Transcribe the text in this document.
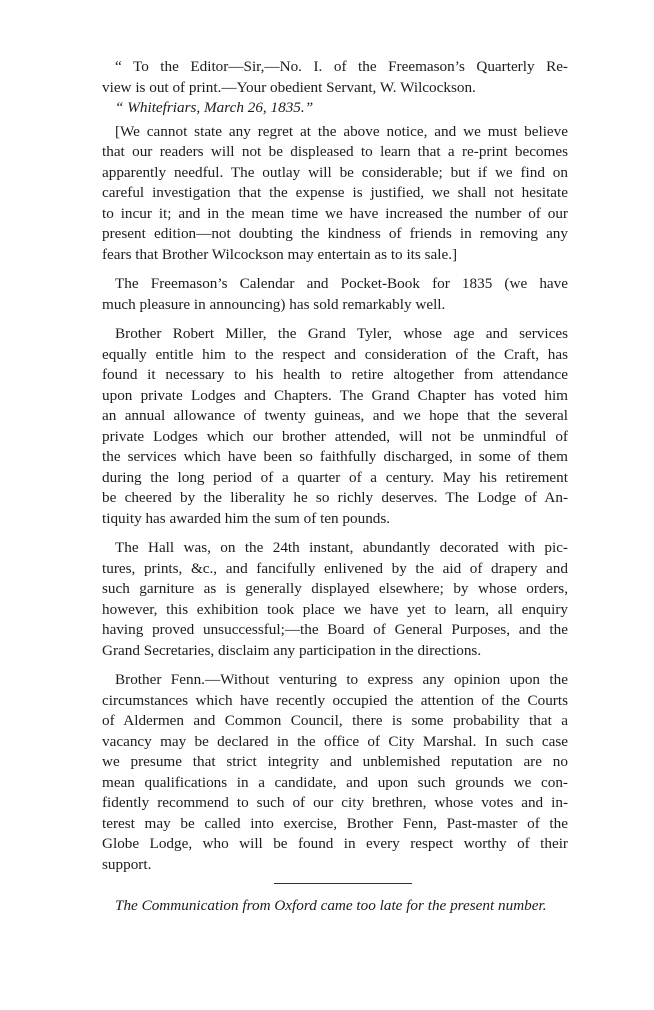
“ To the Editor—Sir,—No. I. of the Freemason’s Quarterly Re-
view is out of print.—Your obedient Servant, W. Wilcockson.
“ Whitefriars, March 26, 1835.”
[We cannot state any regret at the above notice, and we must believe
that our readers will not be displeased to learn that a re-print becomes
apparently needful. The outlay will be considerable; but if we find on
careful investigation that the expense is justified, we shall not hesitate
to incur it; and in the mean time we have increased the number of our
present edition—not doubting the kindness of friends in removing any
fears that Brother Wilcockson may entertain as to its sale.]
The Freemason’s Calendar and Pocket-Book for 1835 (we have
much pleasure in announcing) has sold remarkably well.
Brother Robert Miller, the Grand Tyler, whose age and services
equally entitle him to the respect and consideration of the Craft, has
found it necessary to his health to retire altogether from attendance
upon private Lodges and Chapters. The Grand Chapter has voted him
an annual allowance of twenty guineas, and we hope that the several
private Lodges which our brother attended, will not be unmindful of
the services which have been so faithfully discharged, in some of them
during the long period of a quarter of a century. May his retirement
be cheered by the liberality he so richly deserves. The Lodge of An-
tiquity has awarded him the sum of ten pounds.
The Hall was, on the 24th instant, abundantly decorated with pic-
tures, prints, &c., and fancifully enlivened by the aid of drapery and
such garniture as is generally displayed elsewhere; by whose orders,
however, this exhibition took place we have yet to learn, all enquiry
having proved unsuccessful;—the Board of General Purposes, and the
Grand Secretaries, disclaim any participation in the directions.
Brother Fenn.—Without venturing to express any opinion upon the
circumstances which have recently occupied the attention of the Courts
of Aldermen and Common Council, there is some probability that a
vacancy may be declared in the office of City Marshal. In such case
we presume that strict integrity and unblemished reputation are no
mean qualifications in a candidate, and upon such grounds we con-
fidently recommend to such of our city brethren, whose votes and in-
terest may be called into exercise, Brother Fenn, Past-master of the
Globe Lodge, who will be found in every respect worthy of their
support.
The Communication from Oxford came too late for the present number.
